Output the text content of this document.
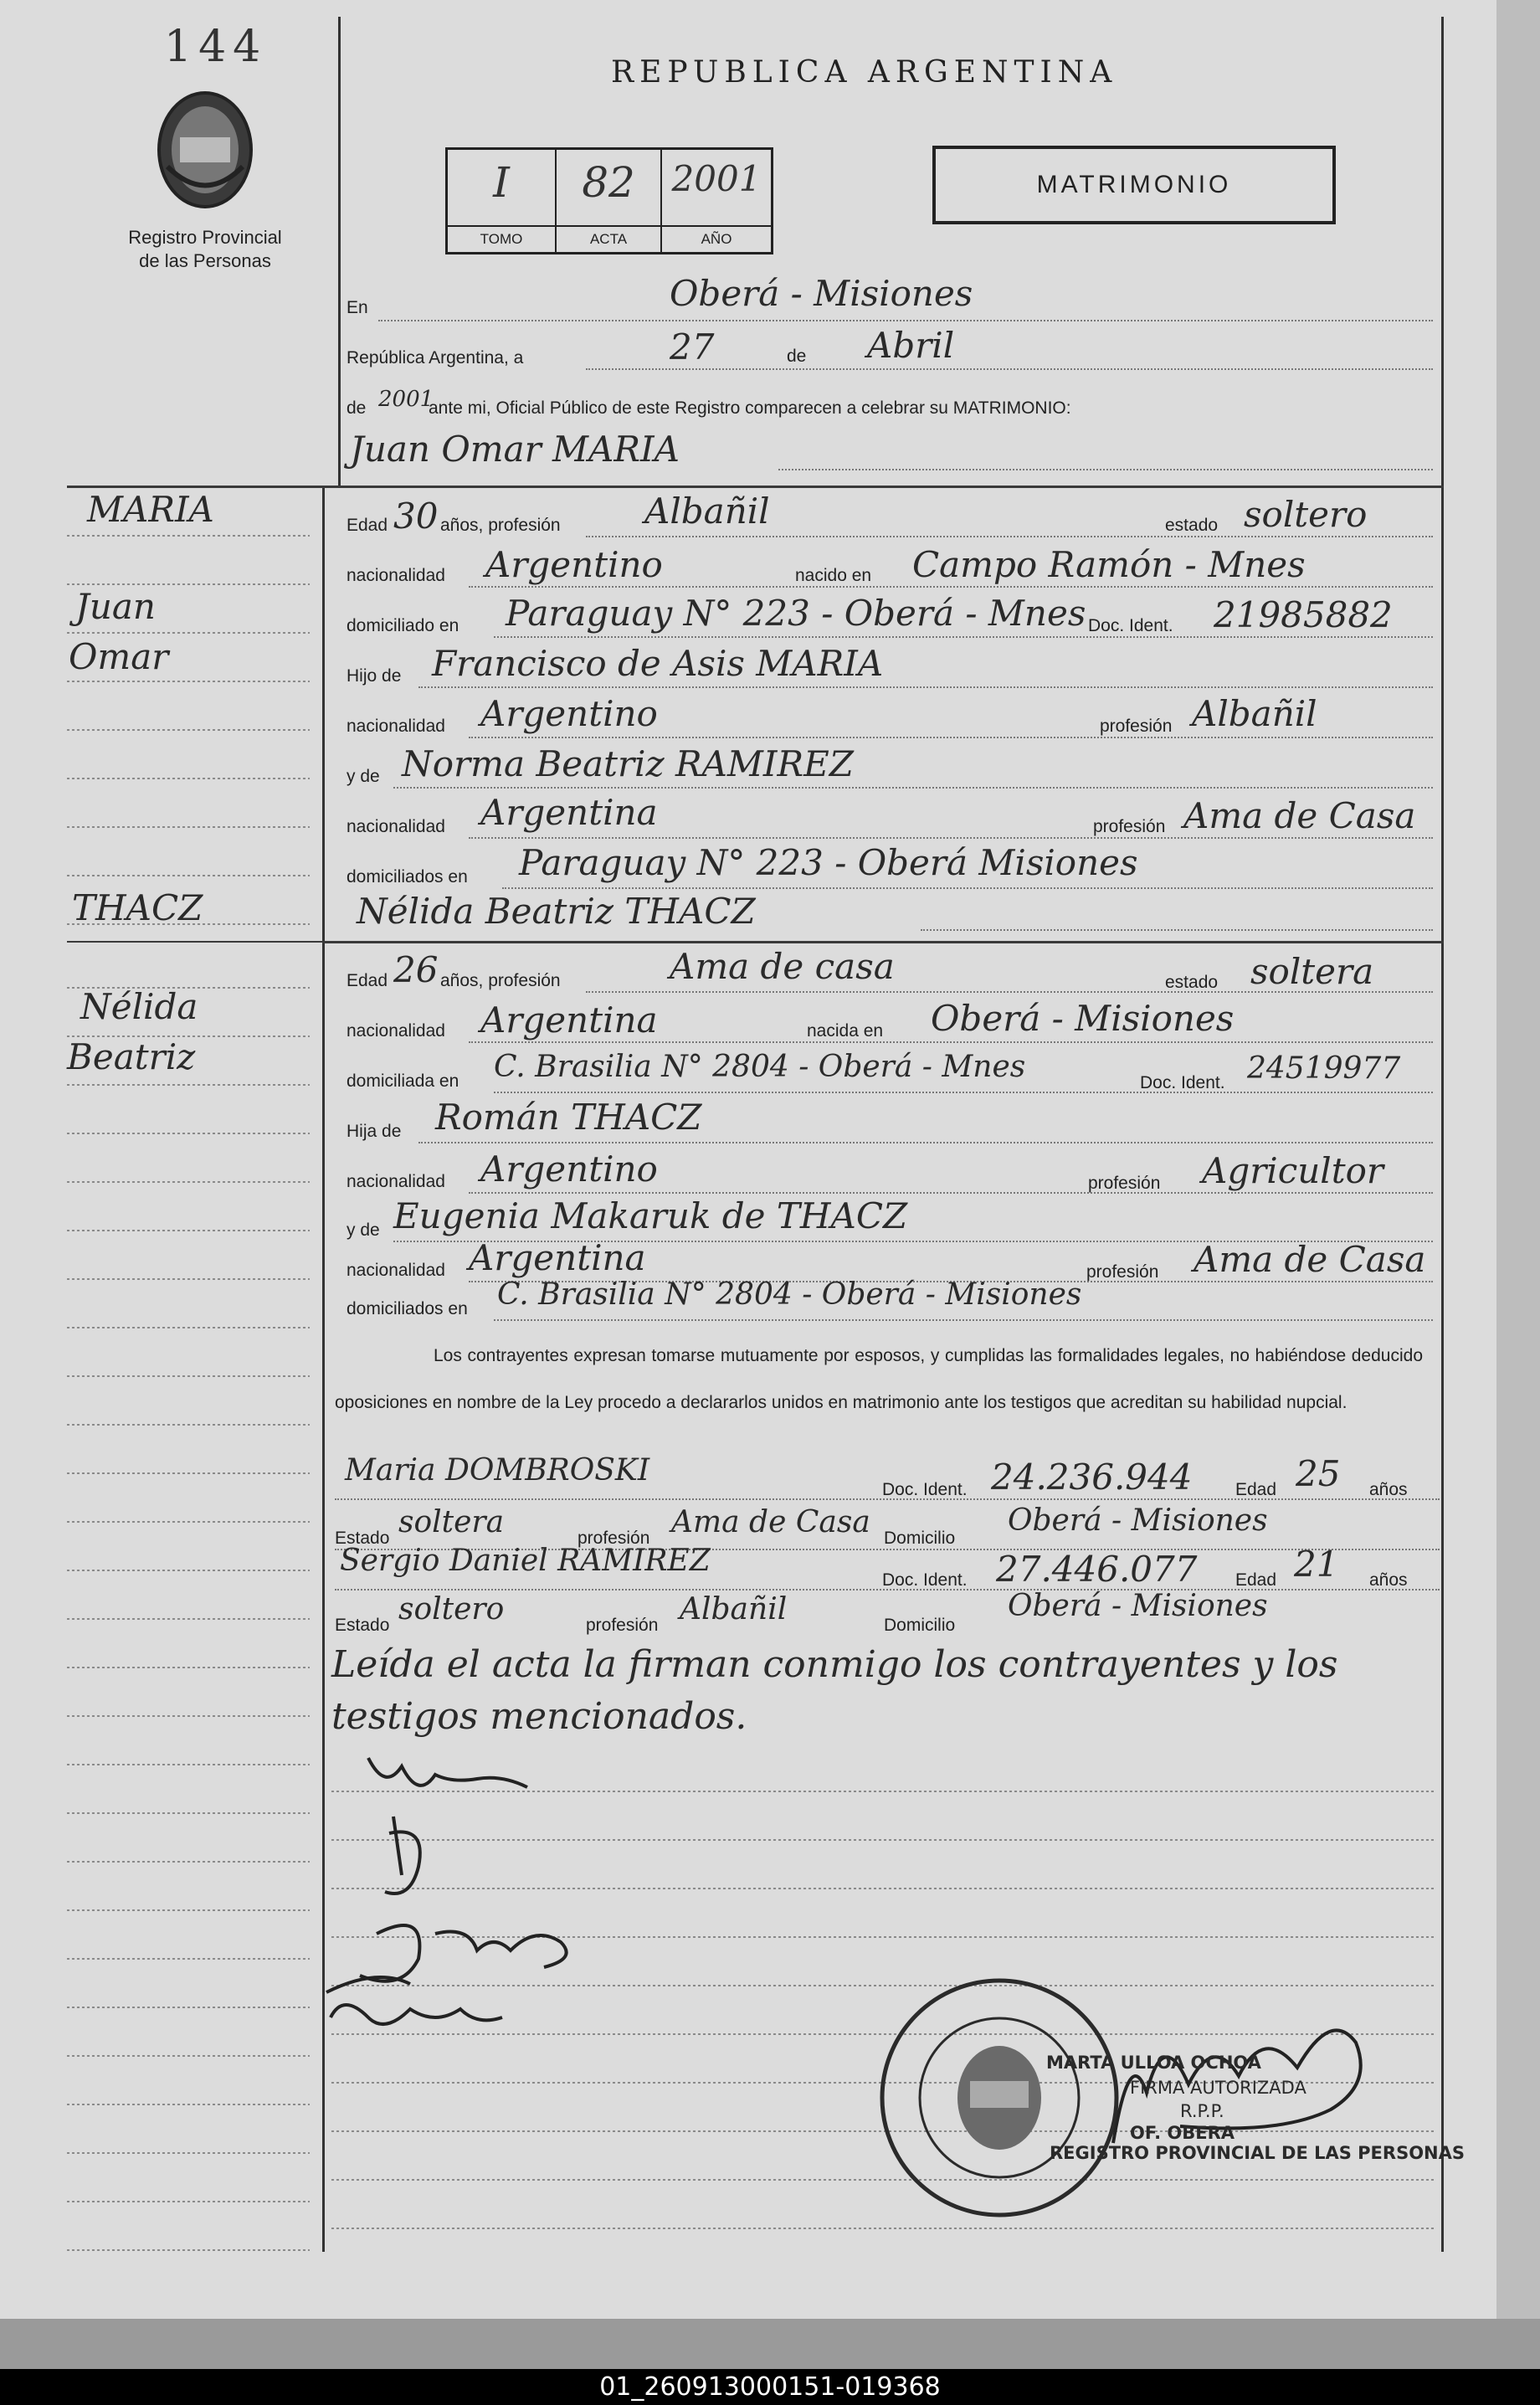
144
Registro Provincial
de las Personas
REPUBLICA ARGENTINA
I
TOMO
82
ACTA
2001
AÑO
MATRIMONIO
En	Oberá - Misiones
República Argentina, a	27	de Abril
de 2001
ante mi, Oficial Público de este Registro comparecen a celebrar su MATRIMONIO:
Juan Omar MARIA
MARIA
Juan
Omar
THACZ
Nélida
Beatriz
Edad 30 años, profesión Albañil	estado soltero
nacionalidad Argentino	nacido en Campo Ramón - Mnes
domiciliado en Paraguay N° 223 - Oberá - Mnes Doc. Ident. 21985882
Hijo de Francisco de Asis MARIA
nacionalidad Argentino	profesión Albañil
y de Norma Beatriz RAMIREZ
nacionalidad Argentina	profesión Ama de Casa
domiciliados en Paraguay N° 223 - Oberá Misiones
Nélida Beatriz THACZ
Edad 26 años, profesión	Ama de casa	estado soltera
nacionalidad Argentina	nacida en Oberá - Misiones
domiciliada en C. Brasilia N° 2804 - Oberá - Mnes	Doc. Ident. 24519977
Hija de Román THACZ
nacionalidad Argentino	profesión Agricultor
y de Eugenia Makaruk de THACZ
nacionalidad Argentina	profesión Ama de Casa
domiciliados en C. Brasilia N° 2804 - Oberá - Misiones
Los contrayentes expresan tomarse mutuamente por esposos, y cumplidas las formalidades legales, no habiéndose deducido oposiciones en nombre de la Ley procedo a declararlos unidos en matrimonio ante los testigos que acreditan su habilidad nupcial.
Maria DOMBROSKI
Doc. Ident. 24.236.944 Edad 25 años
Estado soltera	profesión Ama de Casa Domicilio
Oberá - Misiones
Sergio Daniel RAMIREZ
Doc. Ident. 27.446.077 Edad 21 años
Estado soltero	profesión Albañil	Domicilio
Oberá - Misiones
Leída el acta la firman conmigo los contrayentes y los testigos mencionados.
REGISTRO PROVINCIAL DE LAS PERSONAS
MARTA ULLOA OCHOA
FIRMA AUTORIZADA
R.P.P.
OF. OBERA
01_260913000151-019368
